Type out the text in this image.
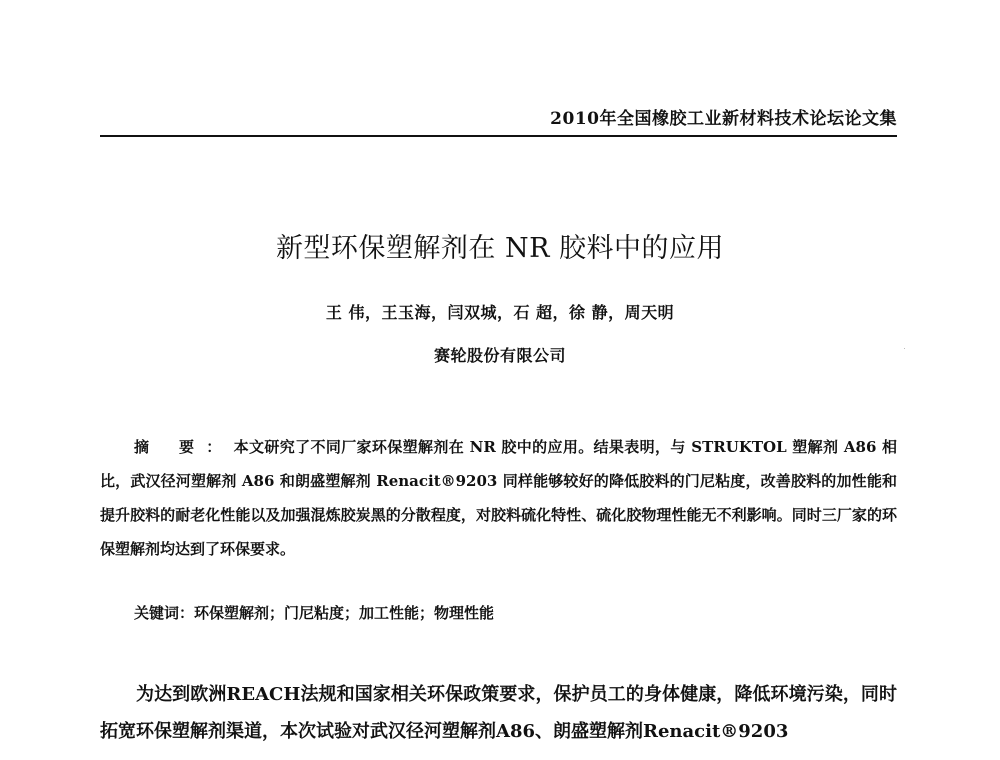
2010年全国橡胶工业新材料技术论坛论文集
新型环保塑解剂在 NR 胶料中的应用
王 伟，王玉海，闫双城，石 超，徐 静，周天明
赛轮股份有限公司

摘 要：本文研究了不同厂家环保塑解剂在 NR 胶中的应用。结果表明，与 STRUKTOL 塑解剂 A86 相比，武汉径河塑解剂 A86 和朗盛塑解剂 Renacit®9203 同样能够较好的降低胶料的门尼粘度，改善胶料的加性能和提升胶料的耐老化性能以及加强混炼胶炭黑的分散程度，对胶料硫化特性、硫化胶物理性能无不利影响。同时三厂家的环保塑解剂均达到了环保要求。

关键词：环保塑解剂；门尼粘度；加工性能；物理性能

为达到欧洲REACH法规和国家相关环保政策要求，保护员工的身体健康，降低环境污染，同时拓宽环保塑解剂渠道，本次试验对武汉径河塑解剂A86、朗盛塑解剂Renacit®9203
